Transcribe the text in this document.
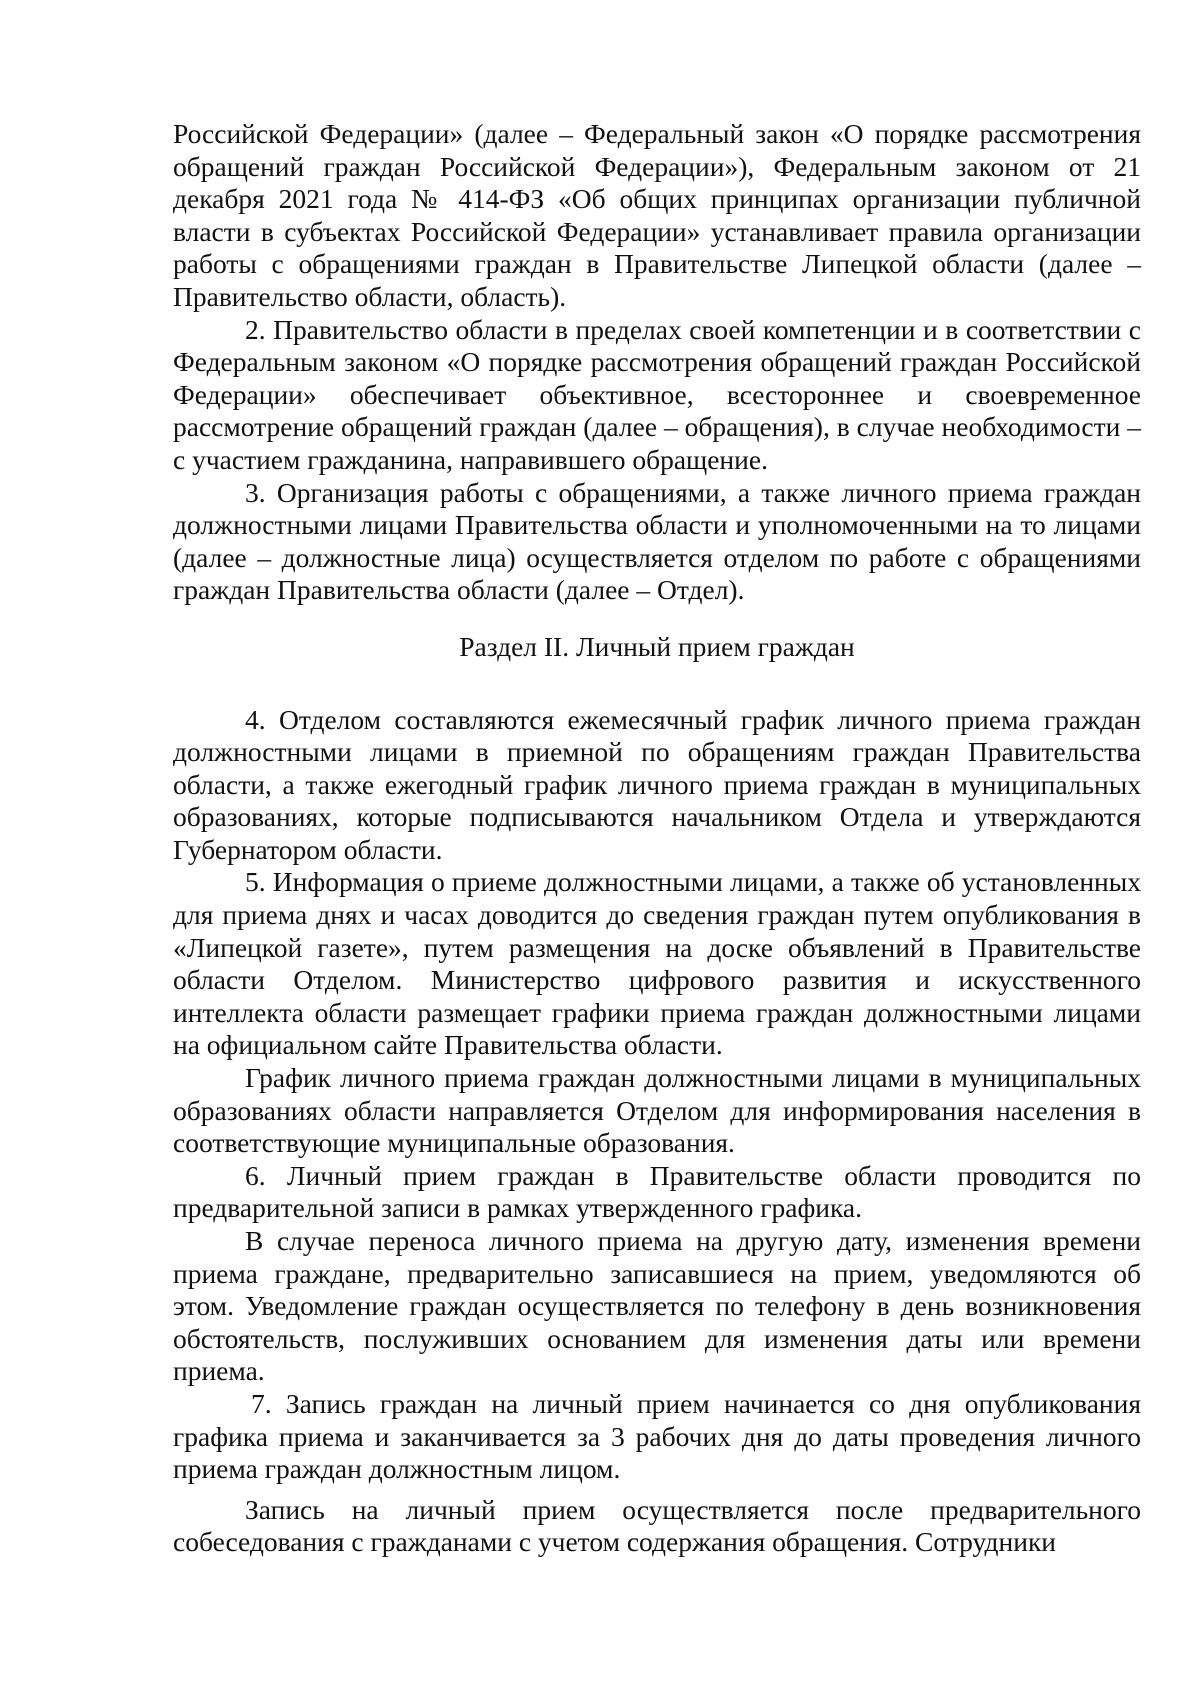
Российской Федерации» (далее – Федеральный закон «О порядке рассмотрения обращений граждан Российской Федерации»), Федеральным законом от 21 декабря 2021 года № 414-ФЗ «Об общих принципах организации публичной власти в субъектах Российской Федерации» устанавливает правила организации работы с обращениями граждан в Правительстве Липецкой области (далее – Правительство области, область).

2. Правительство области в пределах своей компетенции и в соответствии с Федеральным законом «О порядке рассмотрения обращений граждан Российской Федерации» обеспечивает объективное, всестороннее и своевременное рассмотрение обращений граждан (далее – обращения), в случае необходимости – с участием гражданина, направившего обращение.

3. Организация работы с обращениями, а также личного приема граждан должностными лицами Правительства области и уполномоченными на то лицами (далее – должностные лица) осуществляется отделом по работе с обращениями граждан Правительства области (далее – Отдел).

Раздел II. Личный прием граждан

4. Отделом составляются ежемесячный график личного приема граждан должностными лицами в приемной по обращениям граждан Правительства области, а также ежегодный график личного приема граждан в муниципальных образованиях, которые подписываются начальником Отдела и утверждаются Губернатором области.

5. Информация о приеме должностными лицами, а также об установленных для приема днях и часах доводится до сведения граждан путем опубликования в «Липецкой газете», путем размещения на доске объявлений в Правительстве области Отделом. Министерство цифрового развития и искусственного интеллекта области размещает графики приема граждан должностными лицами на официальном сайте Правительства области.

График личного приема граждан должностными лицами в муниципальных образованиях области направляется Отделом для информирования населения в соответствующие муниципальные образования.

6. Личный прием граждан в Правительстве области проводится по предварительной записи в рамках утвержденного графика.

В случае переноса личного приема на другую дату, изменения времени приема граждане, предварительно записавшиеся на прием, уведомляются об этом. Уведомление граждан осуществляется по телефону в день возникновения обстоятельств, послуживших основанием для изменения даты или времени приема.

7. Запись граждан на личный прием начинается со дня опубликования графика приема и заканчивается за 3 рабочих дня до даты проведения личного приема граждан должностным лицом.

Запись на личный прием осуществляется после предварительного собеседования с гражданами с учетом содержания обращения. Сотрудники
